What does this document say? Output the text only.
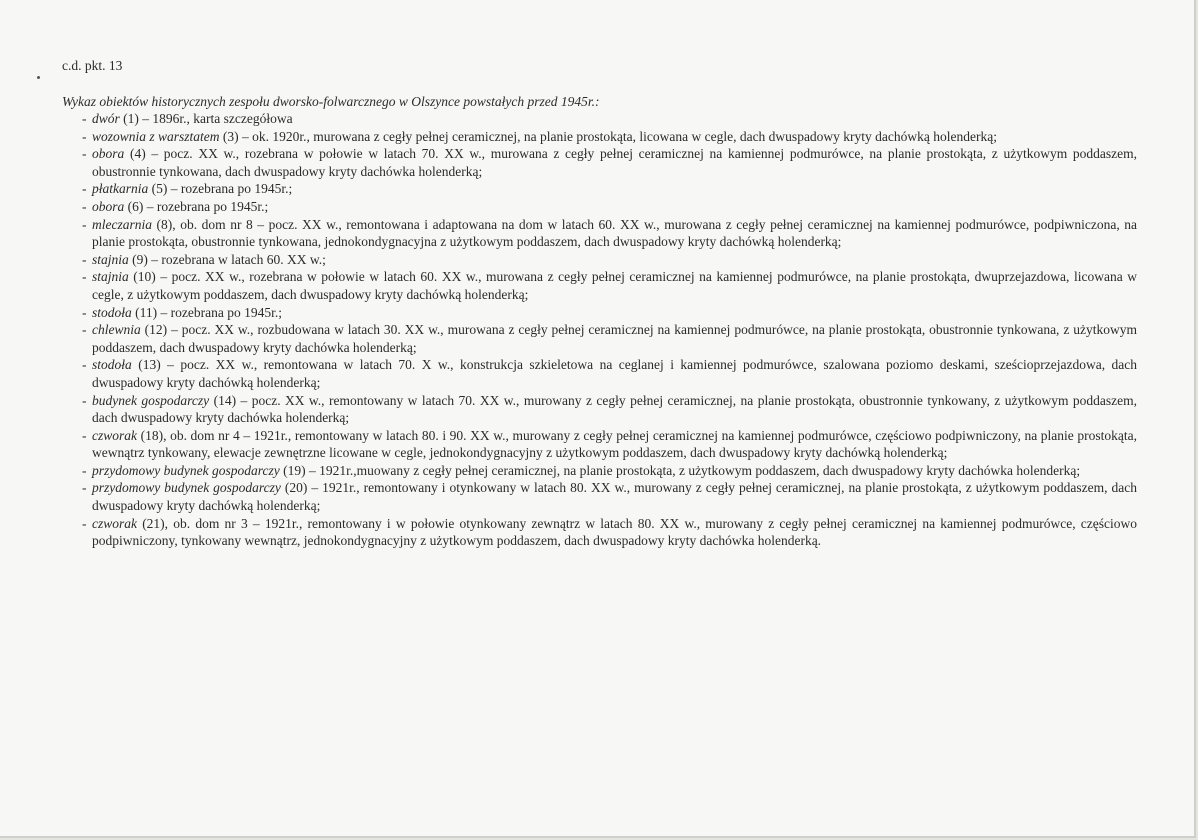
c.d. pkt. 13
Wykaz obiektów historycznych zespołu dworsko-folwarcznego w Olszynce powstałych przed 1945r.:
- dwór (1) – 1896r., karta szczegółowa
- wozownia z warsztatem (3) – ok. 1920r., murowana z cegły pełnej ceramicznej, na planie prostokąta, licowana w cegle, dach dwuspadowy kryty dachówką holenderką;
- obora (4) – pocz. XX w., rozebrana w połowie w latach 70. XX w., murowana z cegły pełnej ceramicznej na kamiennej podmurówce, na planie prostokąta, z użytkowym poddaszem, obustronnie tynkowana, dach dwuspadowy kryty dachówka holenderką;
- płatkarnia (5) – rozebrana po 1945r.;
- obora (6) – rozebrana po 1945r.;
- mleczarnia (8), ob. dom nr 8 – pocz. XX w., remontowana i adaptowana na dom w latach 60. XX w., murowana z cegły pełnej ceramicznej na kamiennej podmurówce, podpiwniczona, na planie prostokąta, obustronnie tynkowana, jednokondygnacyjna z użytkowym poddaszem, dach dwuspadowy kryty dachówką holenderką;
- stajnia (9) – rozebrana w latach 60. XX w.;
- stajnia (10) – pocz. XX w., rozebrana w połowie w latach 60. XX w., murowana z cegły pełnej ceramicznej na kamiennej podmurówce, na planie prostokąta, dwuprzejazdowa, licowana w cegle, z użytkowym poddaszem, dach dwuspadowy kryty dachówką holenderką;
- stodoła (11) – rozebrana po 1945r.;
- chlewnia (12) – pocz. XX w., rozbudowana w latach 30. XX w., murowana z cegły pełnej ceramicznej na kamiennej podmurówce, na planie prostokąta, obustronnie tynkowana, z użytkowym poddaszem, dach dwuspadowy kryty dachówka holenderką;
- stodoła (13) – pocz. XX w., remontowana w latach 70. X w., konstrukcja szkieletowa na ceglanej i kamiennej podmurówce, szalowana poziomo deskami, sześcioprzejazdowa, dach dwuspadowy kryty dachówką holenderką;
- budynek gospodarczy (14) – pocz. XX w., remontowany w latach 70. XX w., murowany z cegły pełnej ceramicznej, na planie prostokąta, obustronnie tynkowany, z użytkowym poddaszem, dach dwuspadowy kryty dachówka holenderką;
- czworak (18), ob. dom nr 4 – 1921r., remontowany w latach 80. i 90. XX w., murowany z cegły pełnej ceramicznej na kamiennej podmurówce, częściowo podpiwniczony, na planie prostokąta, wewnątrz tynkowany, elewacje zewnętrzne licowane w cegle, jednokondygnacyjny z użytkowym poddaszem, dach dwuspadowy kryty dachówką holenderką;
- przydomowy budynek gospodarczy (19) – 1921r.,muowany z cegły pełnej ceramicznej, na planie prostokąta, z użytkowym poddaszem, dach dwuspadowy kryty dachówka holenderką;
- przydomowy budynek gospodarczy (20) – 1921r., remontowany i otynkowany w latach 80. XX w., murowany z cegły pełnej ceramicznej, na planie prostokąta, z użytkowym poddaszem, dach dwuspadowy kryty dachówką holenderką;
- czworak (21), ob. dom nr 3 – 1921r., remontowany i w połowie otynkowany zewnątrz w latach 80. XX w., murowany z cegły pełnej ceramicznej na kamiennej podmurówce, częściowo podpiwniczony, tynkowany wewnątrz, jednokondygnacyjny z użytkowym poddaszem, dach dwuspadowy kryty dachówka holenderką.
